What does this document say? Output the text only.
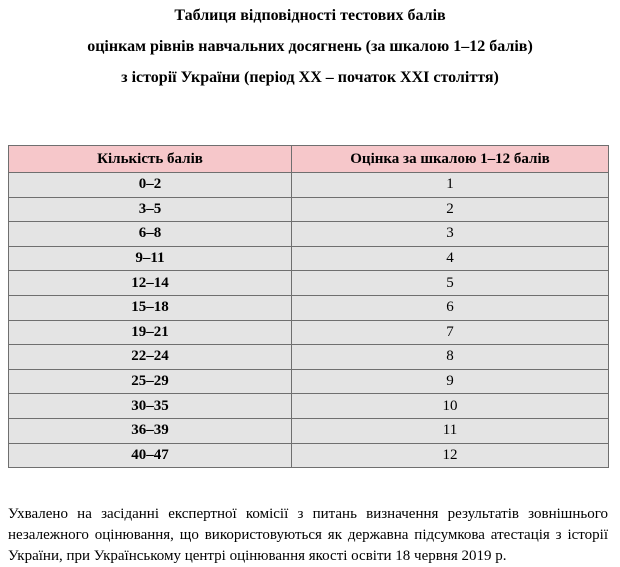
Таблиця відповідності тестових балів
оцінкам рівнів навчальних досягнень (за шкалою 1–12 балів)
з історії України (період ХХ – початок ХХІ століття)
Кількість балів	Оцінка за шкалою 1–12 балів
0–2	1
3–5	2
6–8	3
9–11	4
12–14	5
15–18	6
19–21	7
22–24	8
25–29	9
30–35	10
36–39	11
40–47	12

Ухвалено на засіданні експертної комісії з питань визначення результатів зовнішнього незалежного оцінювання, що використовуються як державна підсумкова атестація з історії України, при Українському центрі оцінювання якості освіти 18 червня 2019 р.
